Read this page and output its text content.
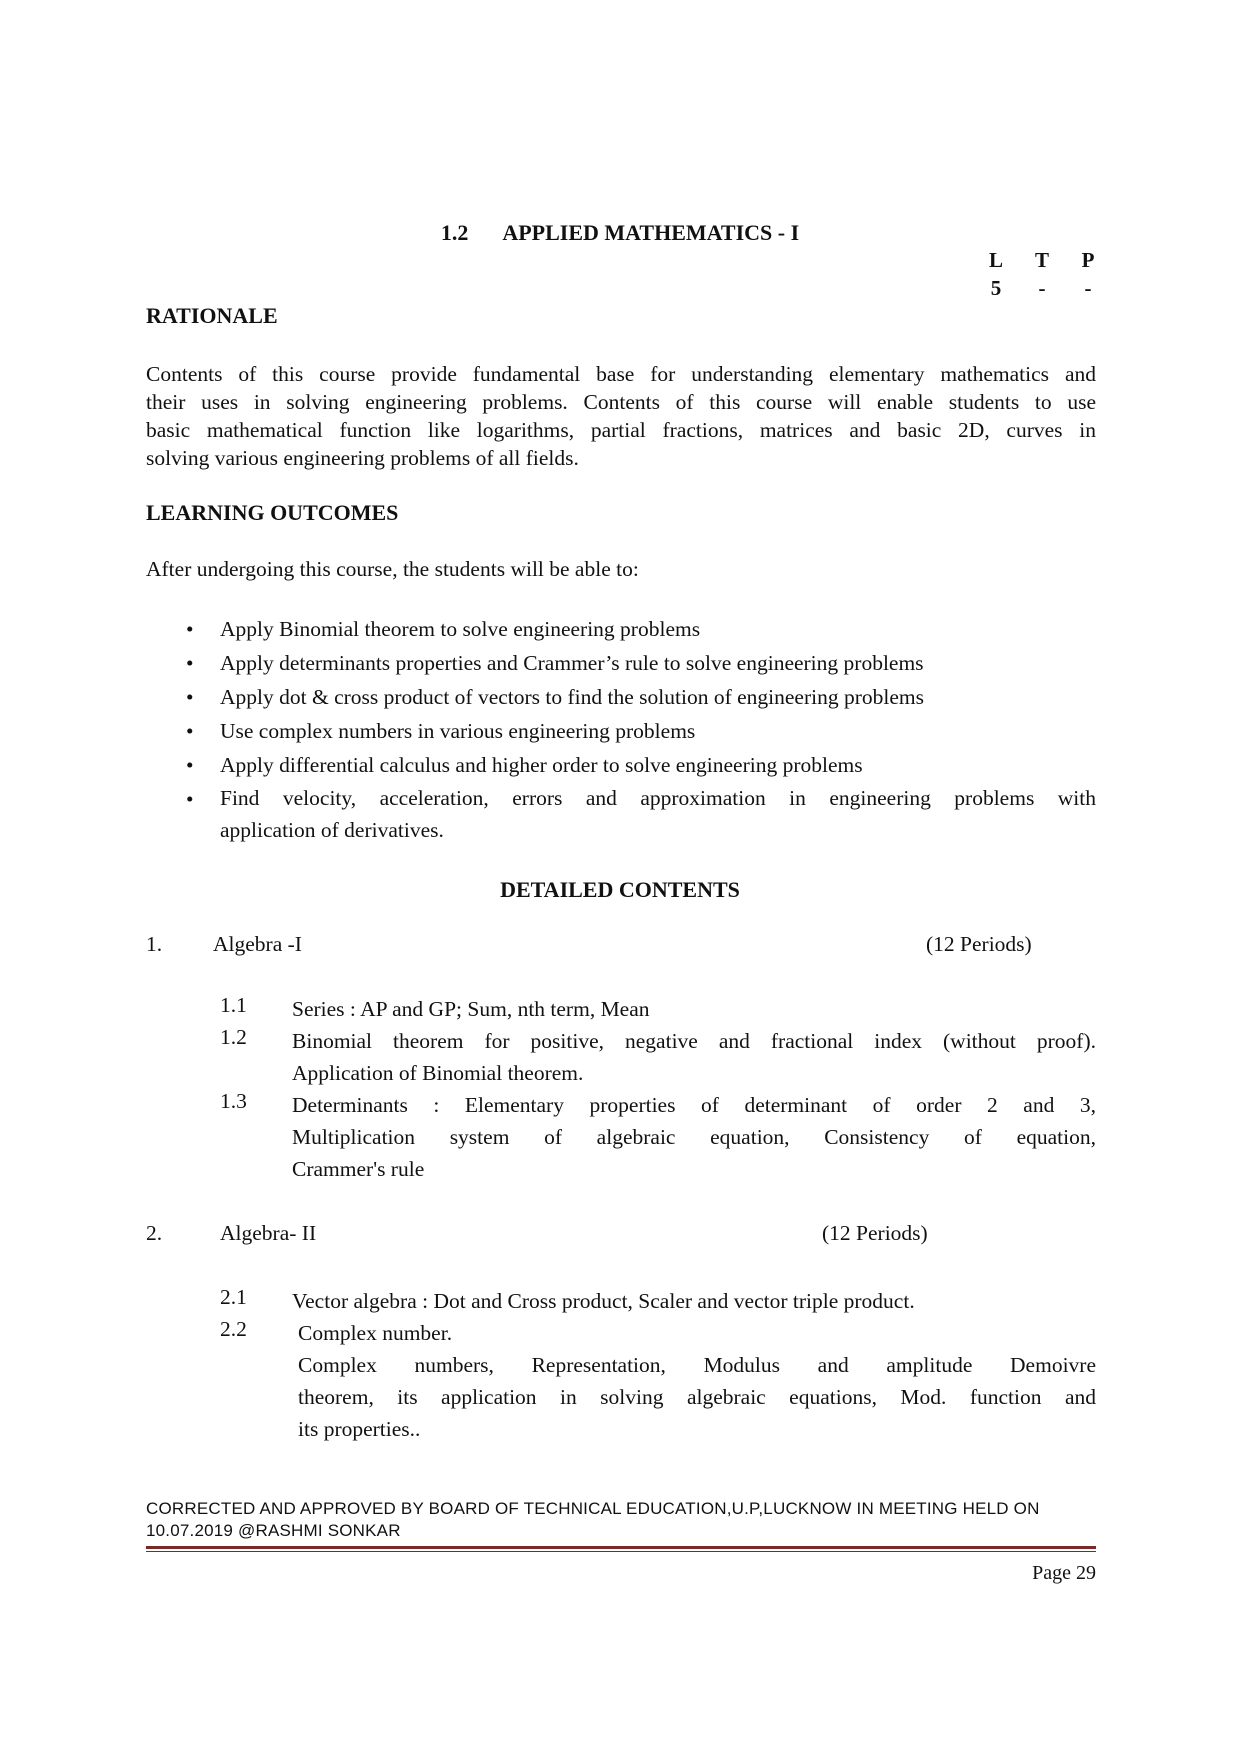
1.2 APPLIED MATHEMATICS - I
L	T	P
5	-	-
RATIONALE
Contents of this course provide fundamental base for understanding elementary mathematics and
their uses in solving engineering problems. Contents of this course will enable students to use
basic mathematical function like logarithms, partial fractions, matrices and basic 2D, curves in
solving various engineering problems of all fields.
LEARNING OUTCOMES
After undergoing this course, the students will be able to:
• Apply Binomial theorem to solve engineering problems
• Apply determinants properties and Crammer’s rule to solve engineering problems
• Apply dot & cross product of vectors to find the solution of engineering problems
• Use complex numbers in various engineering problems
• Apply differential calculus and higher order to solve engineering problems
• Find velocity, acceleration, errors and approximation in engineering problems with
application of derivatives.
DETAILED CONTENTS
1. Algebra -I	(12 Periods)
1.1 Series : AP and GP; Sum, nth term, Mean
1.2 Binomial theorem for positive, negative and fractional index (without proof).
Application of Binomial theorem.
1.3 Determinants : Elementary properties of determinant of order 2 and 3,
Multiplication system of algebraic equation, Consistency of equation,
Crammer's rule
2.	Algebra- II	(12 Periods)
2.1 Vector algebra : Dot and Cross product, Scaler and vector triple product.
2.2 Complex number.
Complex numbers, Representation, Modulus and amplitude Demoivre
theorem, its application in solving algebraic equations, Mod. function and
its properties..
CORRECTED AND APPROVED BY BOARD OF TECHNICAL EDUCATION,U.P,LUCKNOW IN MEETING HELD ON
10.07.2019 @RASHMI SONKAR
Page 29
